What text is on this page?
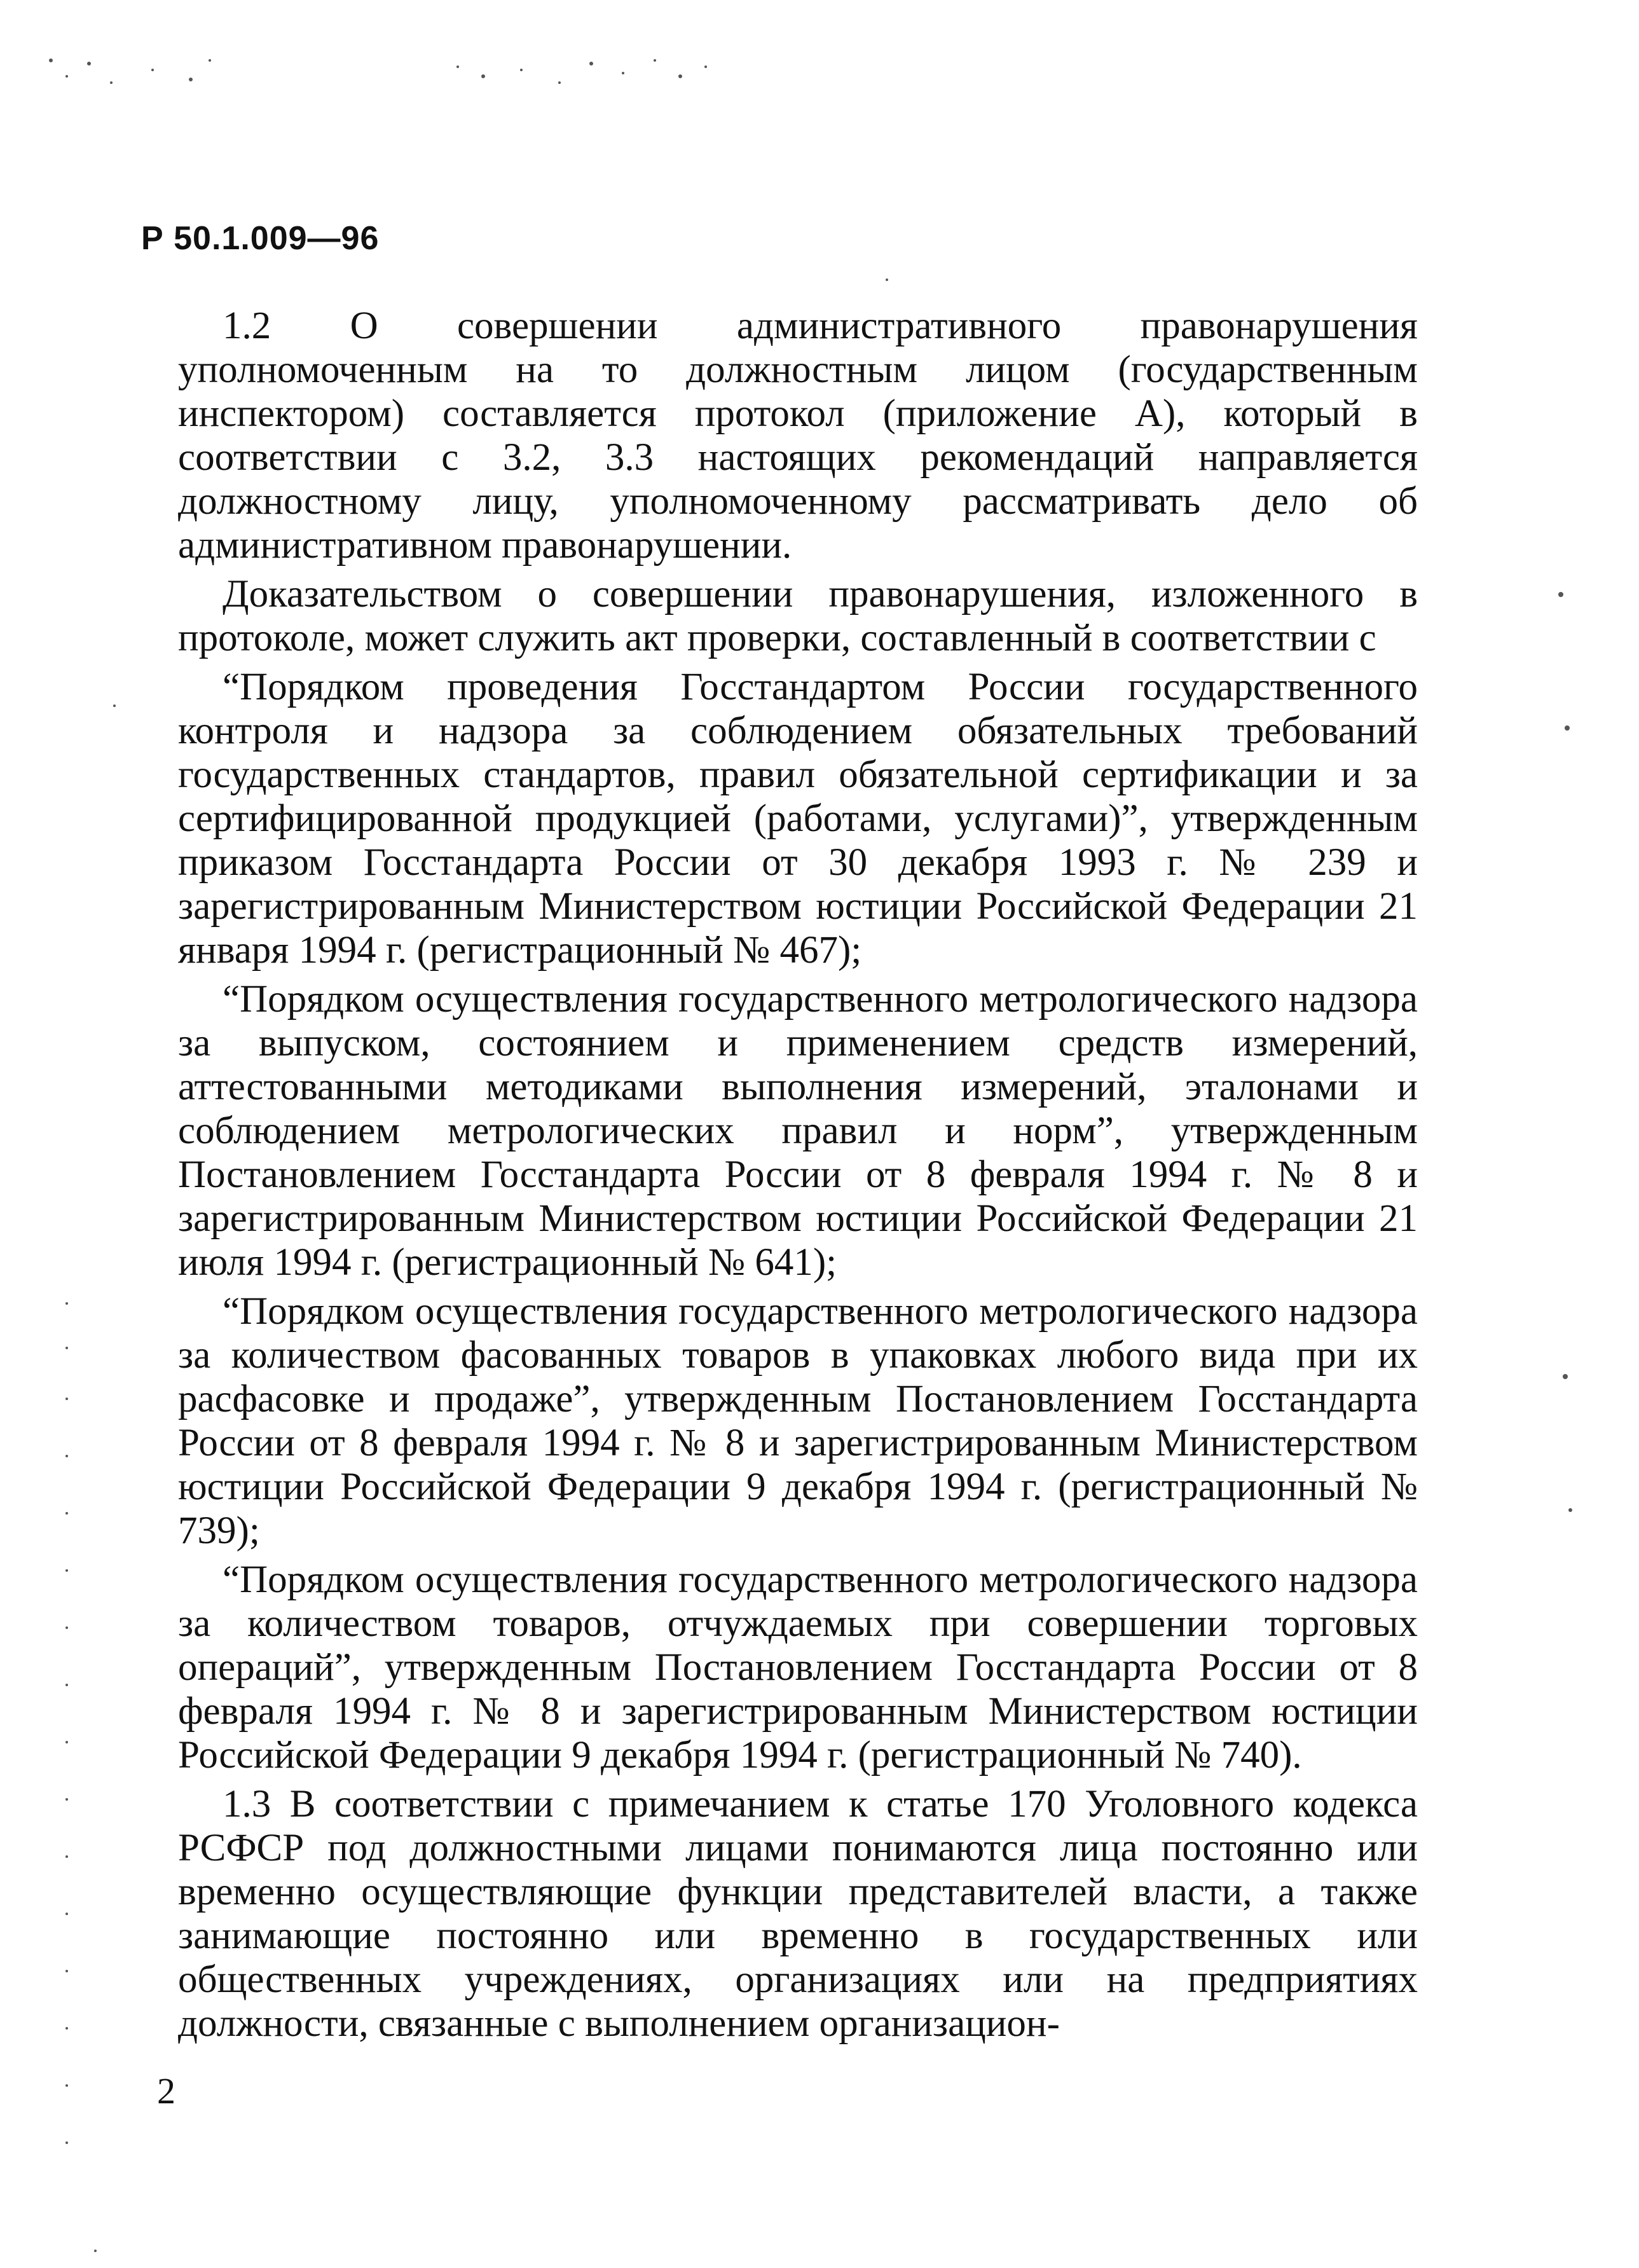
Р 50.1.009—96

1.2 О совершении административного правонарушения уполномоченным на то должностным лицом (государственным инспектором) составляется протокол (приложение А), который в соответствии с 3.2, 3.3 настоящих рекомендаций направляется должностному лицу, уполномоченному рассматривать дело об административном правонарушении.

Доказательством о совершении правонарушения, изложенного в протоколе, может служить акт проверки, составленный в соответствии с

“Порядком проведения Госстандартом России государственного контроля и надзора за соблюдением обязательных требований государственных стандартов, правил обязательной сертификации и за сертифицированной продукцией (работами, услугами)”, утвержденным приказом Госстандарта России от 30 декабря 1993 г. № 239 и зарегистрированным Министерством юстиции Российской Федерации 21 января 1994 г. (регистрационный № 467);

“Порядком осуществления государственного метрологического надзора за выпуском, состоянием и применением средств измерений, аттестованными методиками выполнения измерений, эталонами и соблюдением метрологических правил и норм”, утвержденным Постановлением Госстандарта России от 8 февраля 1994 г. № 8 и зарегистрированным Министерством юстиции Российской Федерации 21 июля 1994 г. (регистрационный № 641);

“Порядком осуществления государственного метрологического надзора за количеством фасованных товаров в упаковках любого вида при их расфасовке и продаже”, утвержденным Постановлением Госстандарта России от 8 февраля 1994 г. № 8 и зарегистрированным Министерством юстиции Российской Федерации 9 декабря 1994 г. (регистрационный № 739);

“Порядком осуществления государственного метрологического надзора за количеством товаров, отчуждаемых при совершении торговых операций”, утвержденным Постановлением Госстандарта России от 8 февраля 1994 г. № 8 и зарегистрированным Министерством юстиции Российской Федерации 9 декабря 1994 г. (регистрационный № 740).

1.3 В соответствии с примечанием к статье 170 Уголовного кодекса РСФСР под должностными лицами понимаются лица постоянно или временно осуществляющие функции представителей власти, а также занимающие постоянно или временно в государственных или общественных учреждениях, организациях или на предприятиях должности, связанные с выполнением организацион-

2
